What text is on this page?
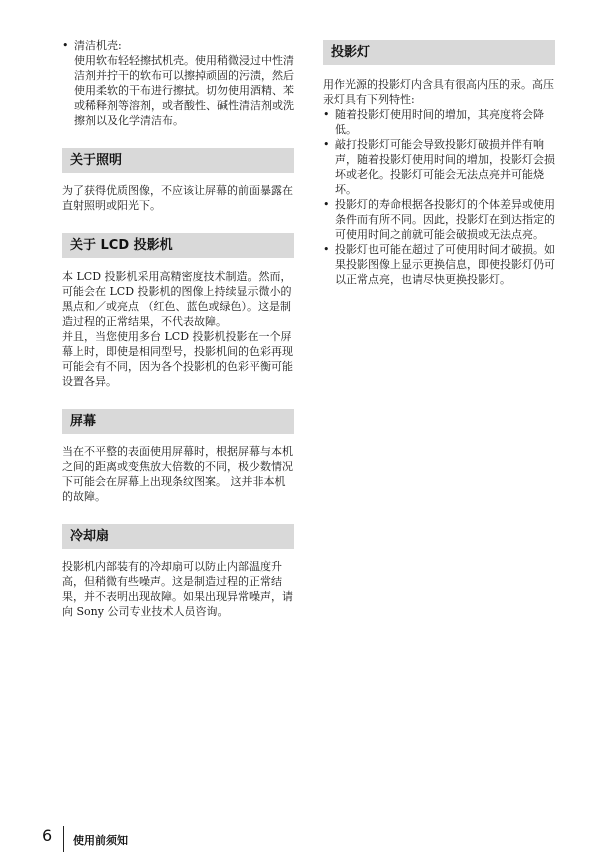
• 清洁机壳:
使用软布轻轻擦拭机壳。使用稍微浸过中性清洁剂并拧干的软布可以擦掉顽固的污渍，然后使用柔软的干布进行擦拭。切勿使用酒精、苯或稀释剂等溶剂，或者酸性、碱性清洁剂或洗擦剂以及化学清洁布。
关于照明

为了获得优质图像，不应该让屏幕的前面暴露在直射照明或阳光下。

关于 LCD 投影机

本 LCD 投影机采用高精密度技术制造。然而，可能会在 LCD 投影机的图像上持续显示微小的黑点和／或亮点 （红色、蓝色或绿色）。这是制造过程的正常结果，不代表故障。

并且，当您使用多台 LCD 投影机投影在一个屏幕上时，即使是相同型号，投影机间的色彩再现可能会有不同，因为各个投影机的色彩平衡可能设置各异。

屏幕

当在不平整的表面使用屏幕时，根据屏幕与本机之间的距离或变焦放大倍数的不同，极少数情况下可能会在屏幕上出现条纹图案。 这并非本机的故障。

冷却扇

投影机内部装有的冷却扇可以防止内部温度升高，但稍微有些噪声。这是制造过程的正常结果，并不表明出现故障。如果出现异常噪声，请向 Sony 公司专业技术人员咨询。

投影灯

用作光源的投影灯内含具有很高内压的汞。高压汞灯具有下列特性:

• 随着投影灯使用时间的增加，其亮度将会降低。
• 敲打投影灯可能会导致投影灯破损并伴有响声，随着投影灯使用时间的增加，投影灯会损坏或老化。投影灯可能会无法点亮并可能烧坏。
• 投影灯的寿命根据各投影灯的个体差异或使用条件而有所不同。因此，投影灯在到达指定的可使用时间之前就可能会破损或无法点亮。
• 投影灯也可能在超过了可使用时间才破损。如果投影图像上显示更换信息，即使投影灯仍可以正常点亮，也请尽快更换投影灯。
6 使用前须知
